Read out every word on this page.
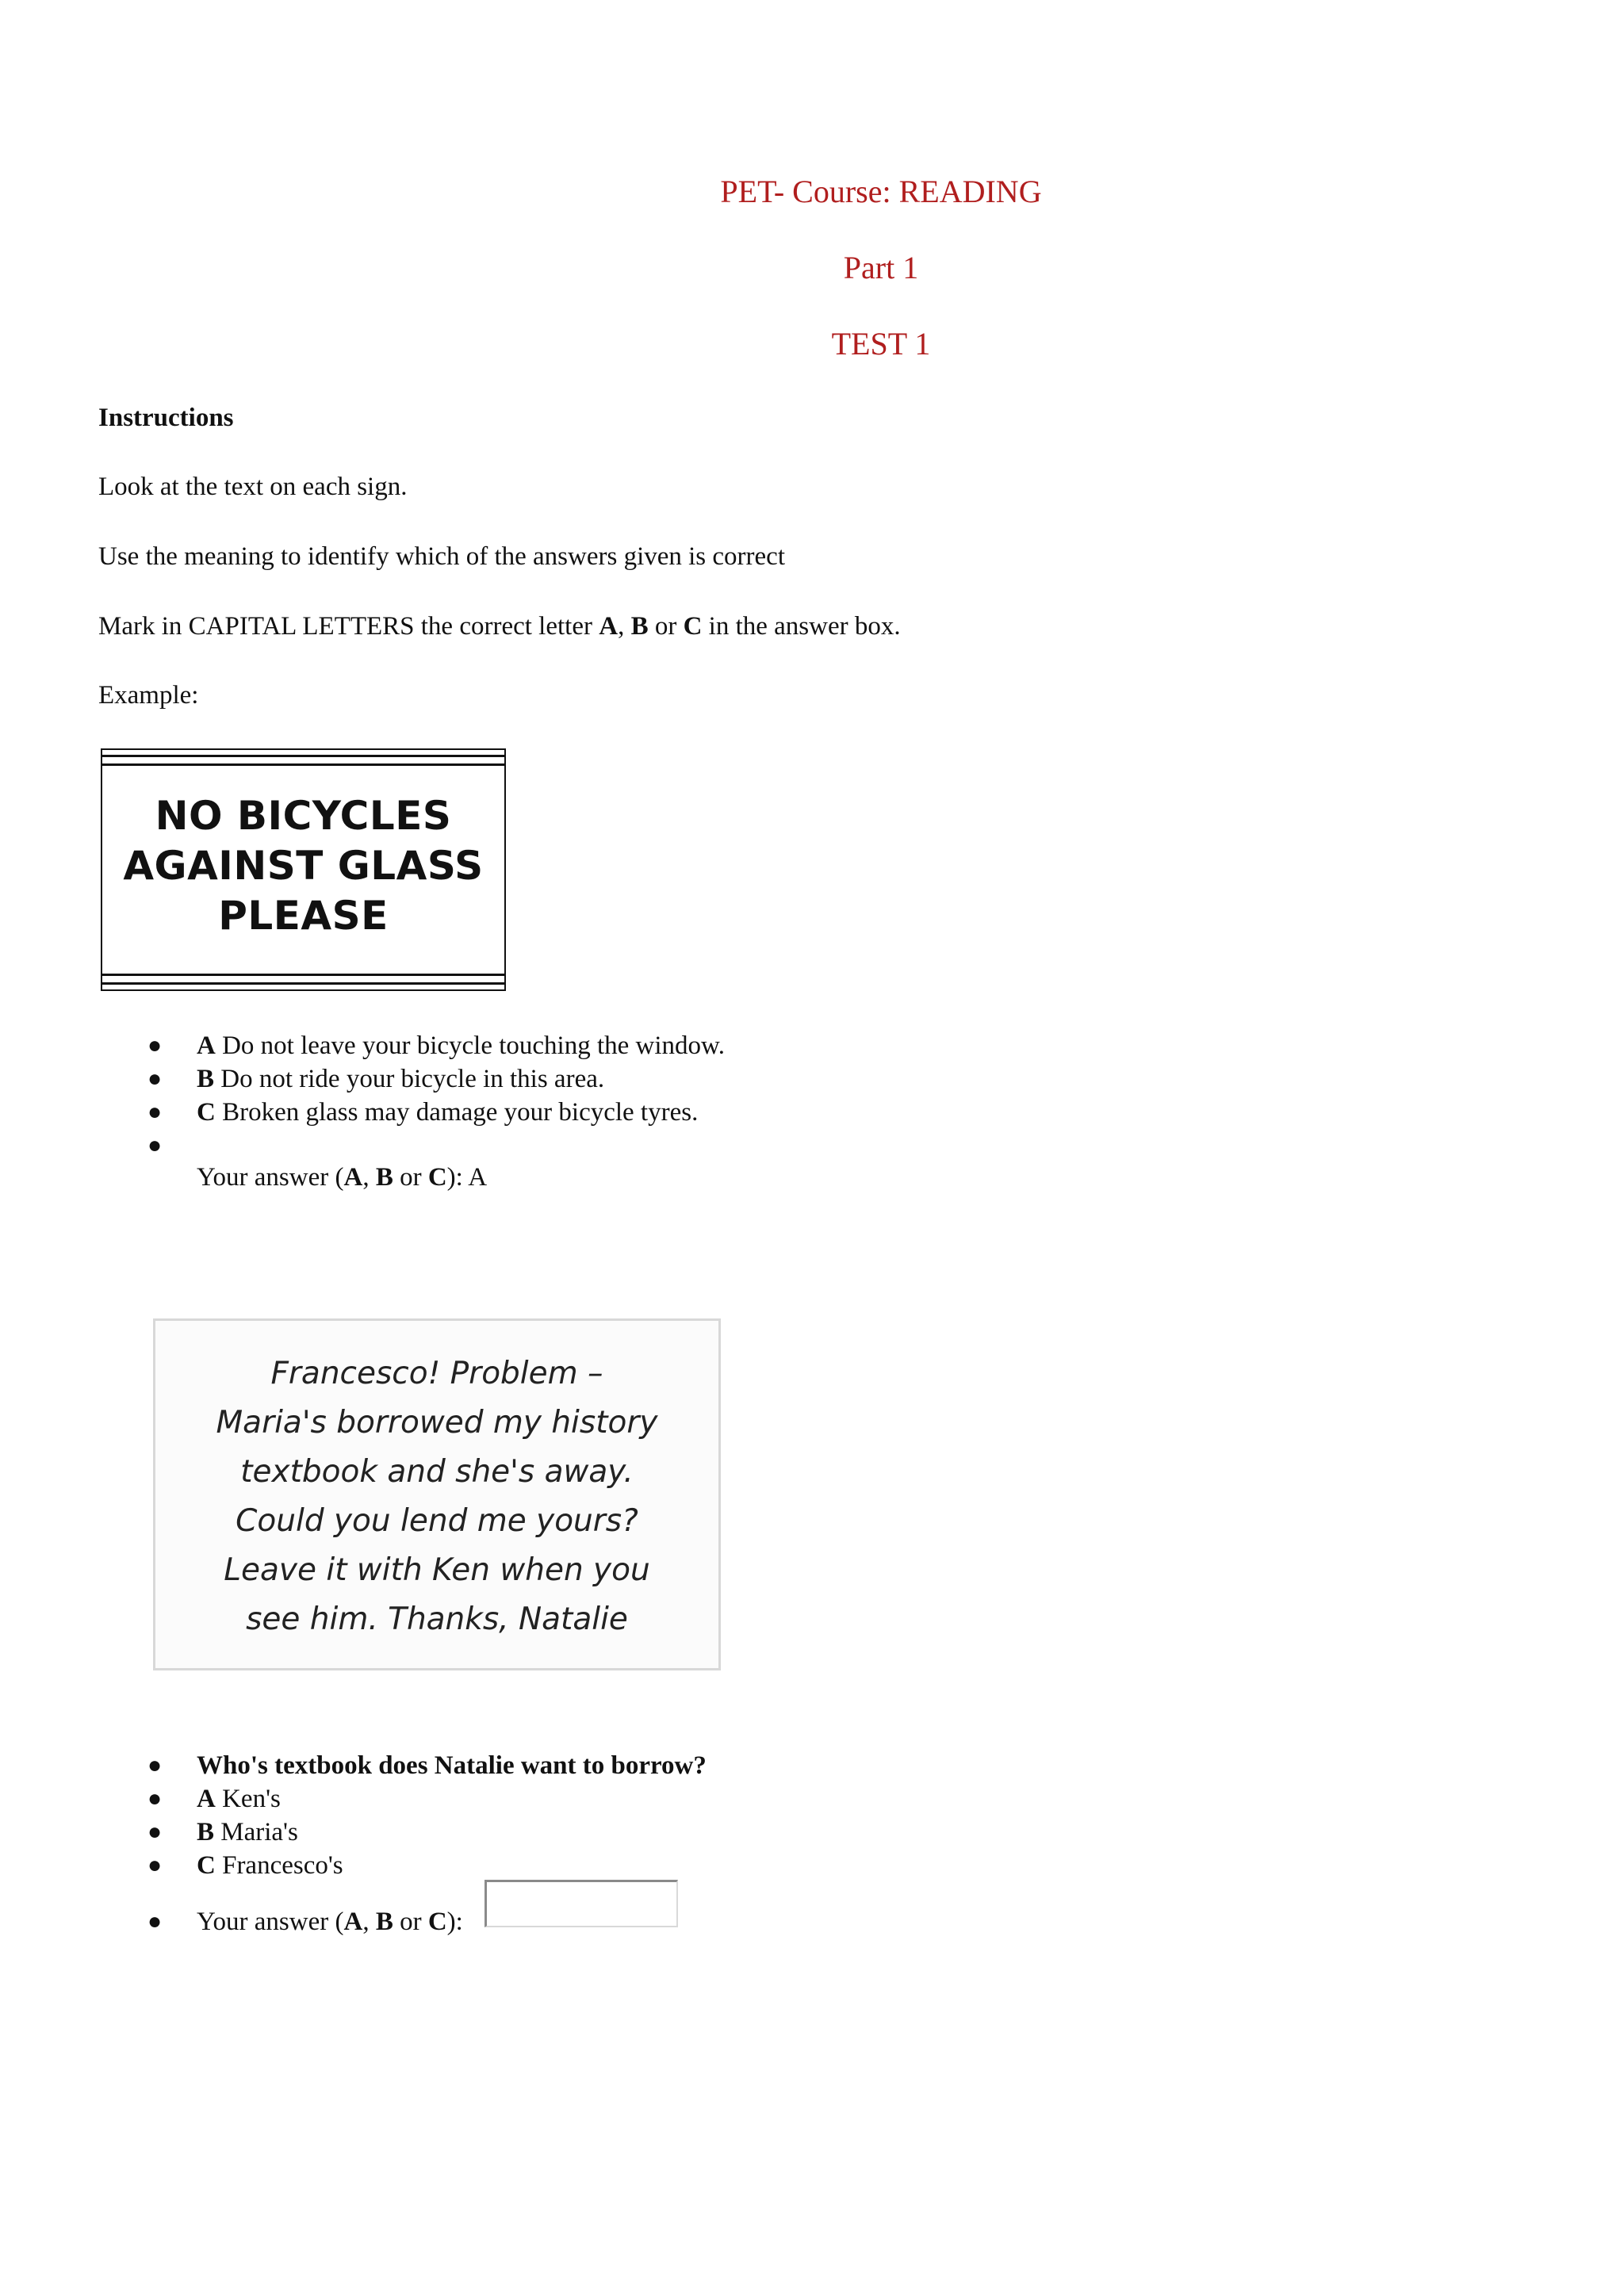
PET- Course: READING
Part 1
TEST 1
Instructions
Look at the text on each sign.
Use the meaning to identify which of the answers given is correct
Mark in CAPITAL LETTERS the correct letter A, B or C in the answer box.
Example:
NO BICYCLES
AGAINST GLASS
PLEASE
● A Do not leave your bicycle touching the window.
● B Do not ride your bicycle in this area.
● C Broken glass may damage your bicycle tyres.
●
Your answer (A, B or C): A
Francesco! Problem –
Maria's borrowed my history
textbook and she's away.
Could you lend me yours?
Leave it with Ken when you
see him. Thanks, Natalie
● Who's textbook does Natalie want to borrow?
● A Ken's
● B Maria's
● C Francesco's
● Your answer (A, B or C):
